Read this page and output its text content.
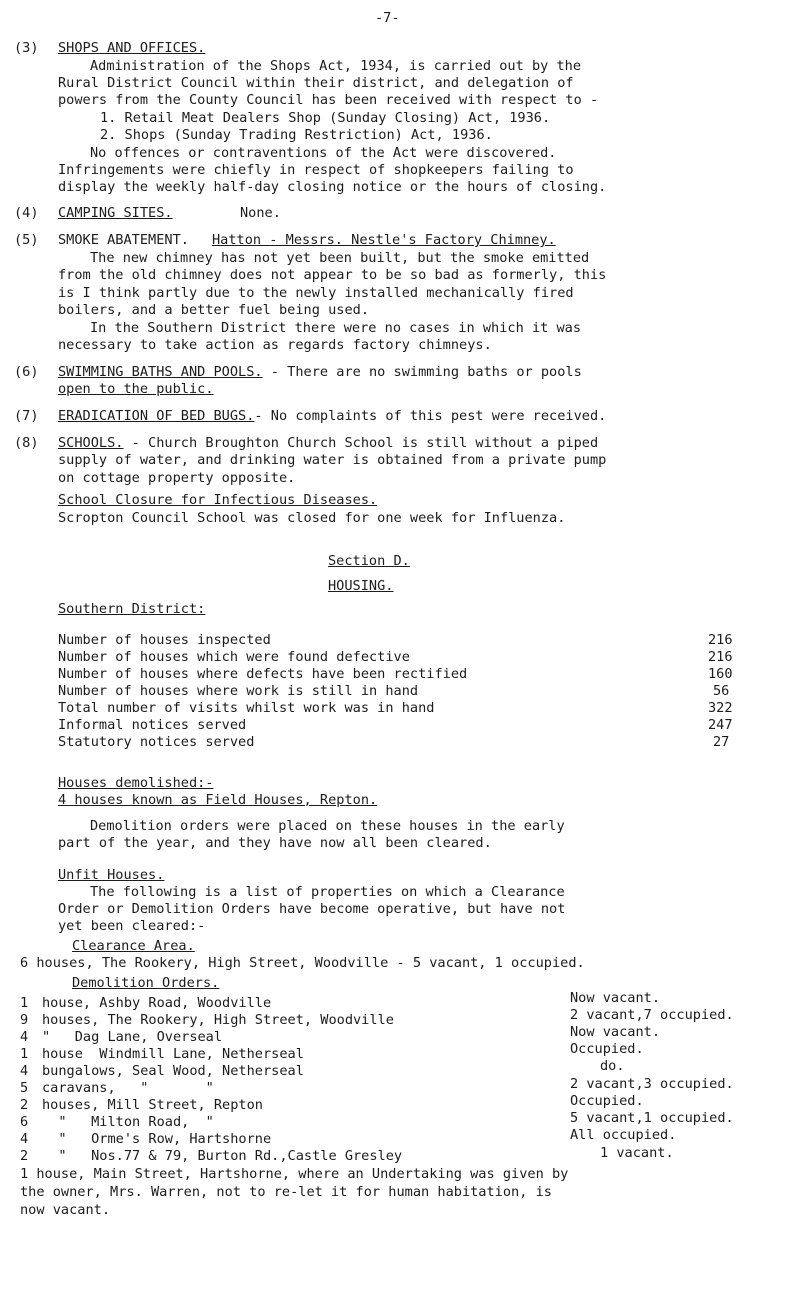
-7-
(3) SHOPS AND OFFICES.
Administration of the Shops Act, 1934, is carried out by the
Rural District Council within their district, and delegation of
powers from the County Council has been received with respect to -
1. Retail Meat Dealers Shop (Sunday Closing) Act, 1936.
2. Shops (Sunday Trading Restriction) Act, 1936.
No offences or contraventions of the Act were discovered.
Infringements were chiefly in respect of shopkeepers failing to
display the weekly half-day closing notice or the hours of closing.
(4) CAMPING SITES.	None.
(5) SMOKE ABATEMENT. Hatton - Messrs. Nestle's Factory Chimney.
The new chimney has not yet been built, but the smoke emitted
from the old chimney does not appear to be so bad as formerly, this
is I think partly due to the newly installed mechanically fired
boilers, and a better fuel being used.
In the Southern District there were no cases in which it was
necessary to take action as regards factory chimneys.
(6) SWIMMING BATHS AND POOLS. - There are no swimming baths or pools
open to the public.
(7) ERADICATION OF BED BUGS.- No complaints of this pest were received.
(8) SCHOOLS. - Church Broughton Church School is still without a piped
supply of water, and drinking water is obtained from a private pump
on cottage property opposite.
School Closure for Infectious Diseases.
Scropton Council School was closed for one week for Influenza.
Section D.
HOUSING.
Southern District:
Number of houses inspected	216
Number of houses which were found defective	216
Number of houses where defects have been rectified	160
Number of houses where work is still in hand	56
Total number of visits whilst work was in hand	322
Informal notices served	247
Statutory notices served	27
Houses demolished:-
4 houses known as Field Houses, Repton.
Demolition orders were placed on these houses in the early
part of the year, and they have now all been cleared.
Unfit Houses.
The following is a list of properties on which a Clearance
Order or Demolition Orders have become operative, but have not
yet been cleared:-
Clearance Area.
6 houses, The Rookery, High Street, Woodville - 5 vacant, 1 occupied.
Demolition Orders.
1 house, Ashby Road, Woodville	Now vacant.
9 houses, The Rookery, High Street, Woodville	2 vacant,7 occupied.
4 "   Dag Lane, Overseal	Now vacant.
1 house  Windmill Lane, Netherseal	Occupied.
4 bungalows, Seal Wood, Netherseal	do.
5 caravans,   "       "	2 vacant,3 occupied.
2 houses, Mill Street, Repton	Occupied.
6 "   Milton Road,  "	5 vacant,1 occupied.
4 "   Orme's Row, Hartshorne	All occupied.
2 "   Nos.77 & 79, Burton Rd.,Castle Gresley	1 vacant.
1 house, Main Street, Hartshorne, where an Undertaking was given by
the owner, Mrs. Warren, not to re-let it for human habitation, is
now vacant.
